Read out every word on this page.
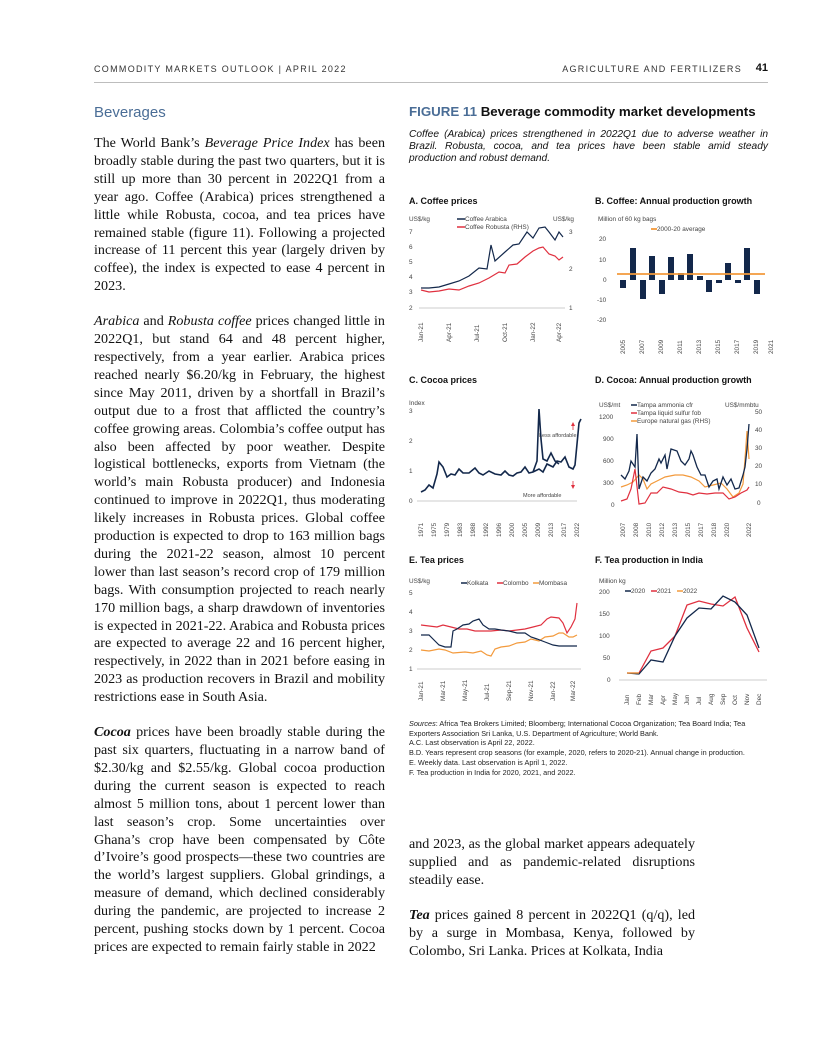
COMMODITY MARKETS OUTLOOK | APRIL 2022	AGRICULTURE AND FERTILIZERS 41
Beverages

The World Bank’s Beverage Price Index has been broadly stable during the past two quarters, but it is still up more than 30 percent in 2022Q1 from a year ago. Coffee (Arabica) prices strengthened a little while Robusta, cocoa, and tea prices have remained stable (figure 11). Following a projected increase of 11 percent this year (largely driven by coffee), the index is expected to ease 4 percent in 2023.

Arabica and Robusta coffee prices changed little in 2022Q1, but stand 64 and 48 percent higher, respectively, from a year earlier. Arabica prices reached nearly $6.20/kg in February, the highest since May 2011, driven by a shortfall in Brazil’s output due to a frost that afflicted the country’s coffee growing areas. Colombia’s coffee output has also been affected by poor weather. Despite logistical bottlenecks, exports from Vietnam (the world’s main Robusta producer) and Indonesia continued to improve in 2022Q1, thus moderating likely increases in Robusta prices. Global coffee production is expected to drop to 163 million bags during the 2021-22 season, almost 10 percent lower than last season’s record crop of 179 million bags. With consumption projected to reach nearly 170 million bags, a sharp drawdown of inventories is expected in 2021-22. Arabica and Robusta prices are expected to average 22 and 16 percent higher, respectively, in 2022 than in 2021 before easing in 2023 as production recovers in Brazil and mobility restrictions ease in South Asia.

Cocoa prices have been broadly stable during the past six quarters, fluctuating in a narrow band of $2.30/kg and $2.55/kg. Global cocoa production during the current season is expected to reach almost 5 million tons, about 1 percent lower than last season’s crop. Some uncertainties over Ghana’s crop have been compensated by Côte d’Ivoire’s good prospects—these two countries are the world’s largest suppliers. Global grindings, a measure of demand, which declined considerably during the pandemic, are projected to increase 2 percent, pushing stocks down by 1 percent. Cocoa prices are expected to remain fairly stable in 2022

FIGURE 11 Beverage commodity market developments
Coffee (Arabica) prices strengthened in 2022Q1 due to adverse weather in Brazil. Robusta, cocoa, and tea prices have been stable amid steady production and robust demand.
A. Coffee prices
US$/kg	US$/kg
Coffee Arabica
Coffee Robusta (RHS)
7
6
5
4
3
2
3
2
1
Jan-21	Apr-21	Jul-21	Oct-21	Jan-22	Apr-22
B. Coffee: Annual production growth
Million of 60 kg bags
2000-20 average
20
10
0
-10
-20
2005 2007 2009 2011 2013 2015 2017 2019 2021
C. Cocoa prices
Index
3
2
1
0
Less affordable
More affordable
1971 1975 1979 1983 1988 1992 1996 2000 2005 2009 2013 2017 2022
D. Cocoa: Annual production growth
US$/mt	US$/mmbtu
Tampa ammonia cfr
Tampa liquid sulfur fob
Europe natural gas (RHS)
1200
900
600
300
0
50
40
30
20
10
0
2007 2008 2010 2012 2013 2015 2017 2018 2020 2022
E. Tea prices
US$/kg	Kolkata Colombo Mombasa
5
4
3
2
1
Jan-21 Mar-21 May-21 Jul-21 Sep-21 Nov-21 Jan-22 Mar-22
F. Tea production in India
Million kg
2020 2021 2022
200
150
100
50
0
Jan Feb Mar Apr May Jun Jul Aug Sep Oct Nov Dec
Sources: Africa Tea Brokers Limited; Bloomberg; International Cocoa Organization; Tea Board India; Tea Exporters Association Sri Lanka, U.S. Department of Agriculture; World Bank.
A.C. Last observation is April 22, 2022.
B.D. Years represent crop seasons (for example, 2020, refers to 2020-21). Annual change in production.
E. Weekly data. Last observation is April 1, 2022.
F. Tea production in India for 2020, 2021, and 2022.

and 2023, as the global market appears adequately supplied and as pandemic-related disruptions steadily ease.

Tea prices gained 8 percent in 2022Q1 (q/q), led by a surge in Mombasa, Kenya, followed by Colombo, Sri Lanka. Prices at Kolkata, India
